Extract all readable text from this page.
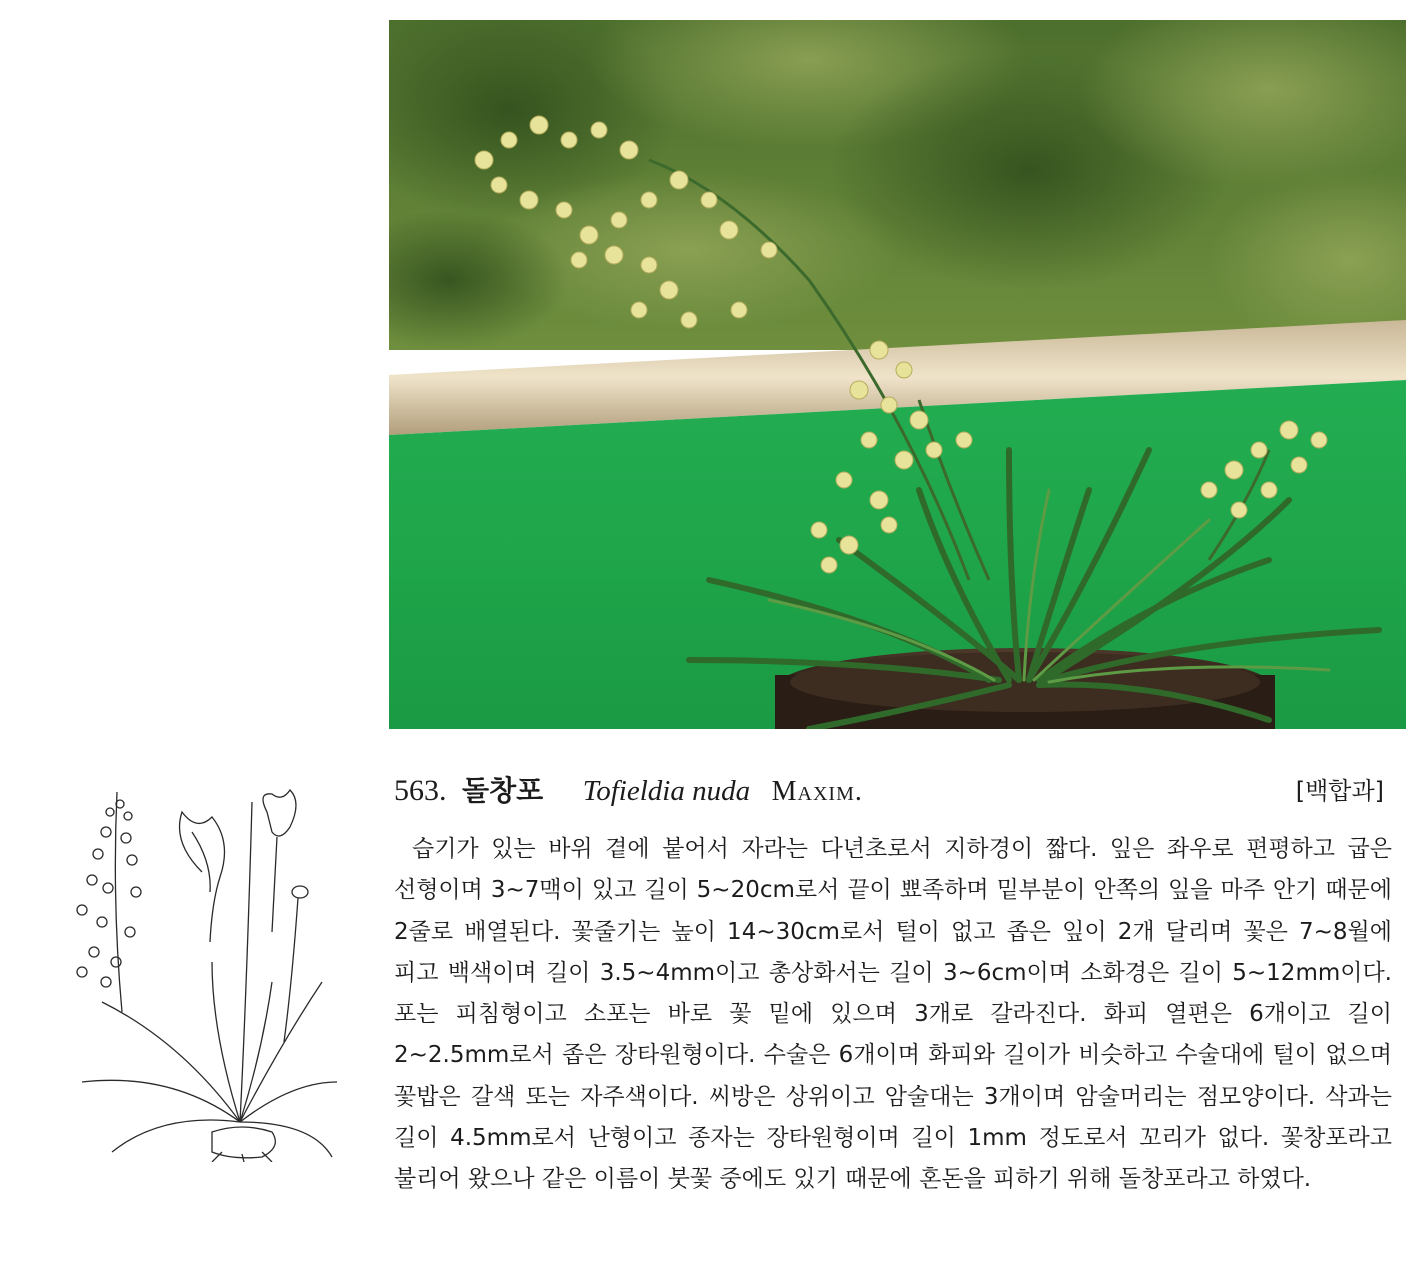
563. 돌창포 Tofieldia nuda Maxim.	[백합과]

습기가 있는 바위 곁에 붙어서 자라는 다년초로서 지하경이 짧다. 잎은 좌우로 편평하고 굽은 선형이며 3~7맥이 있고 길이 5~20cm로서 끝이 뾰족하며 밑부분이 안쪽의 잎을 마주 안기 때문에 2줄로 배열된다. 꽃줄기는 높이 14~30cm로서 털이 없고 좁은 잎이 2개 달리며 꽃은 7~8월에 피고 백색이며 길이 3.5~4mm이고 총상화서는 길이 3~6cm이며 소화경은 길이 5~12mm이다. 포는 피침형이고 소포는 바로 꽃 밑에 있으며 3개로 갈라진다. 화피 열편은 6개이고 길이 2~2.5mm로서 좁은 장타원형이다. 수술은 6개이며 화피와 길이가 비슷하고 수술대에 털이 없으며 꽃밥은 갈색 또는 자주색이다. 씨방은 상위이고 암술대는 3개이며 암술머리는 점모양이다. 삭과는 길이 4.5mm로서 난형이고 종자는 장타원형이며 길이 1mm 정도로서 꼬리가 없다. 꽃창포라고 불리어 왔으나 같은 이름이 붓꽃 중에도 있기 때문에 혼돈을 피하기 위해 돌창포라고 하였다.
